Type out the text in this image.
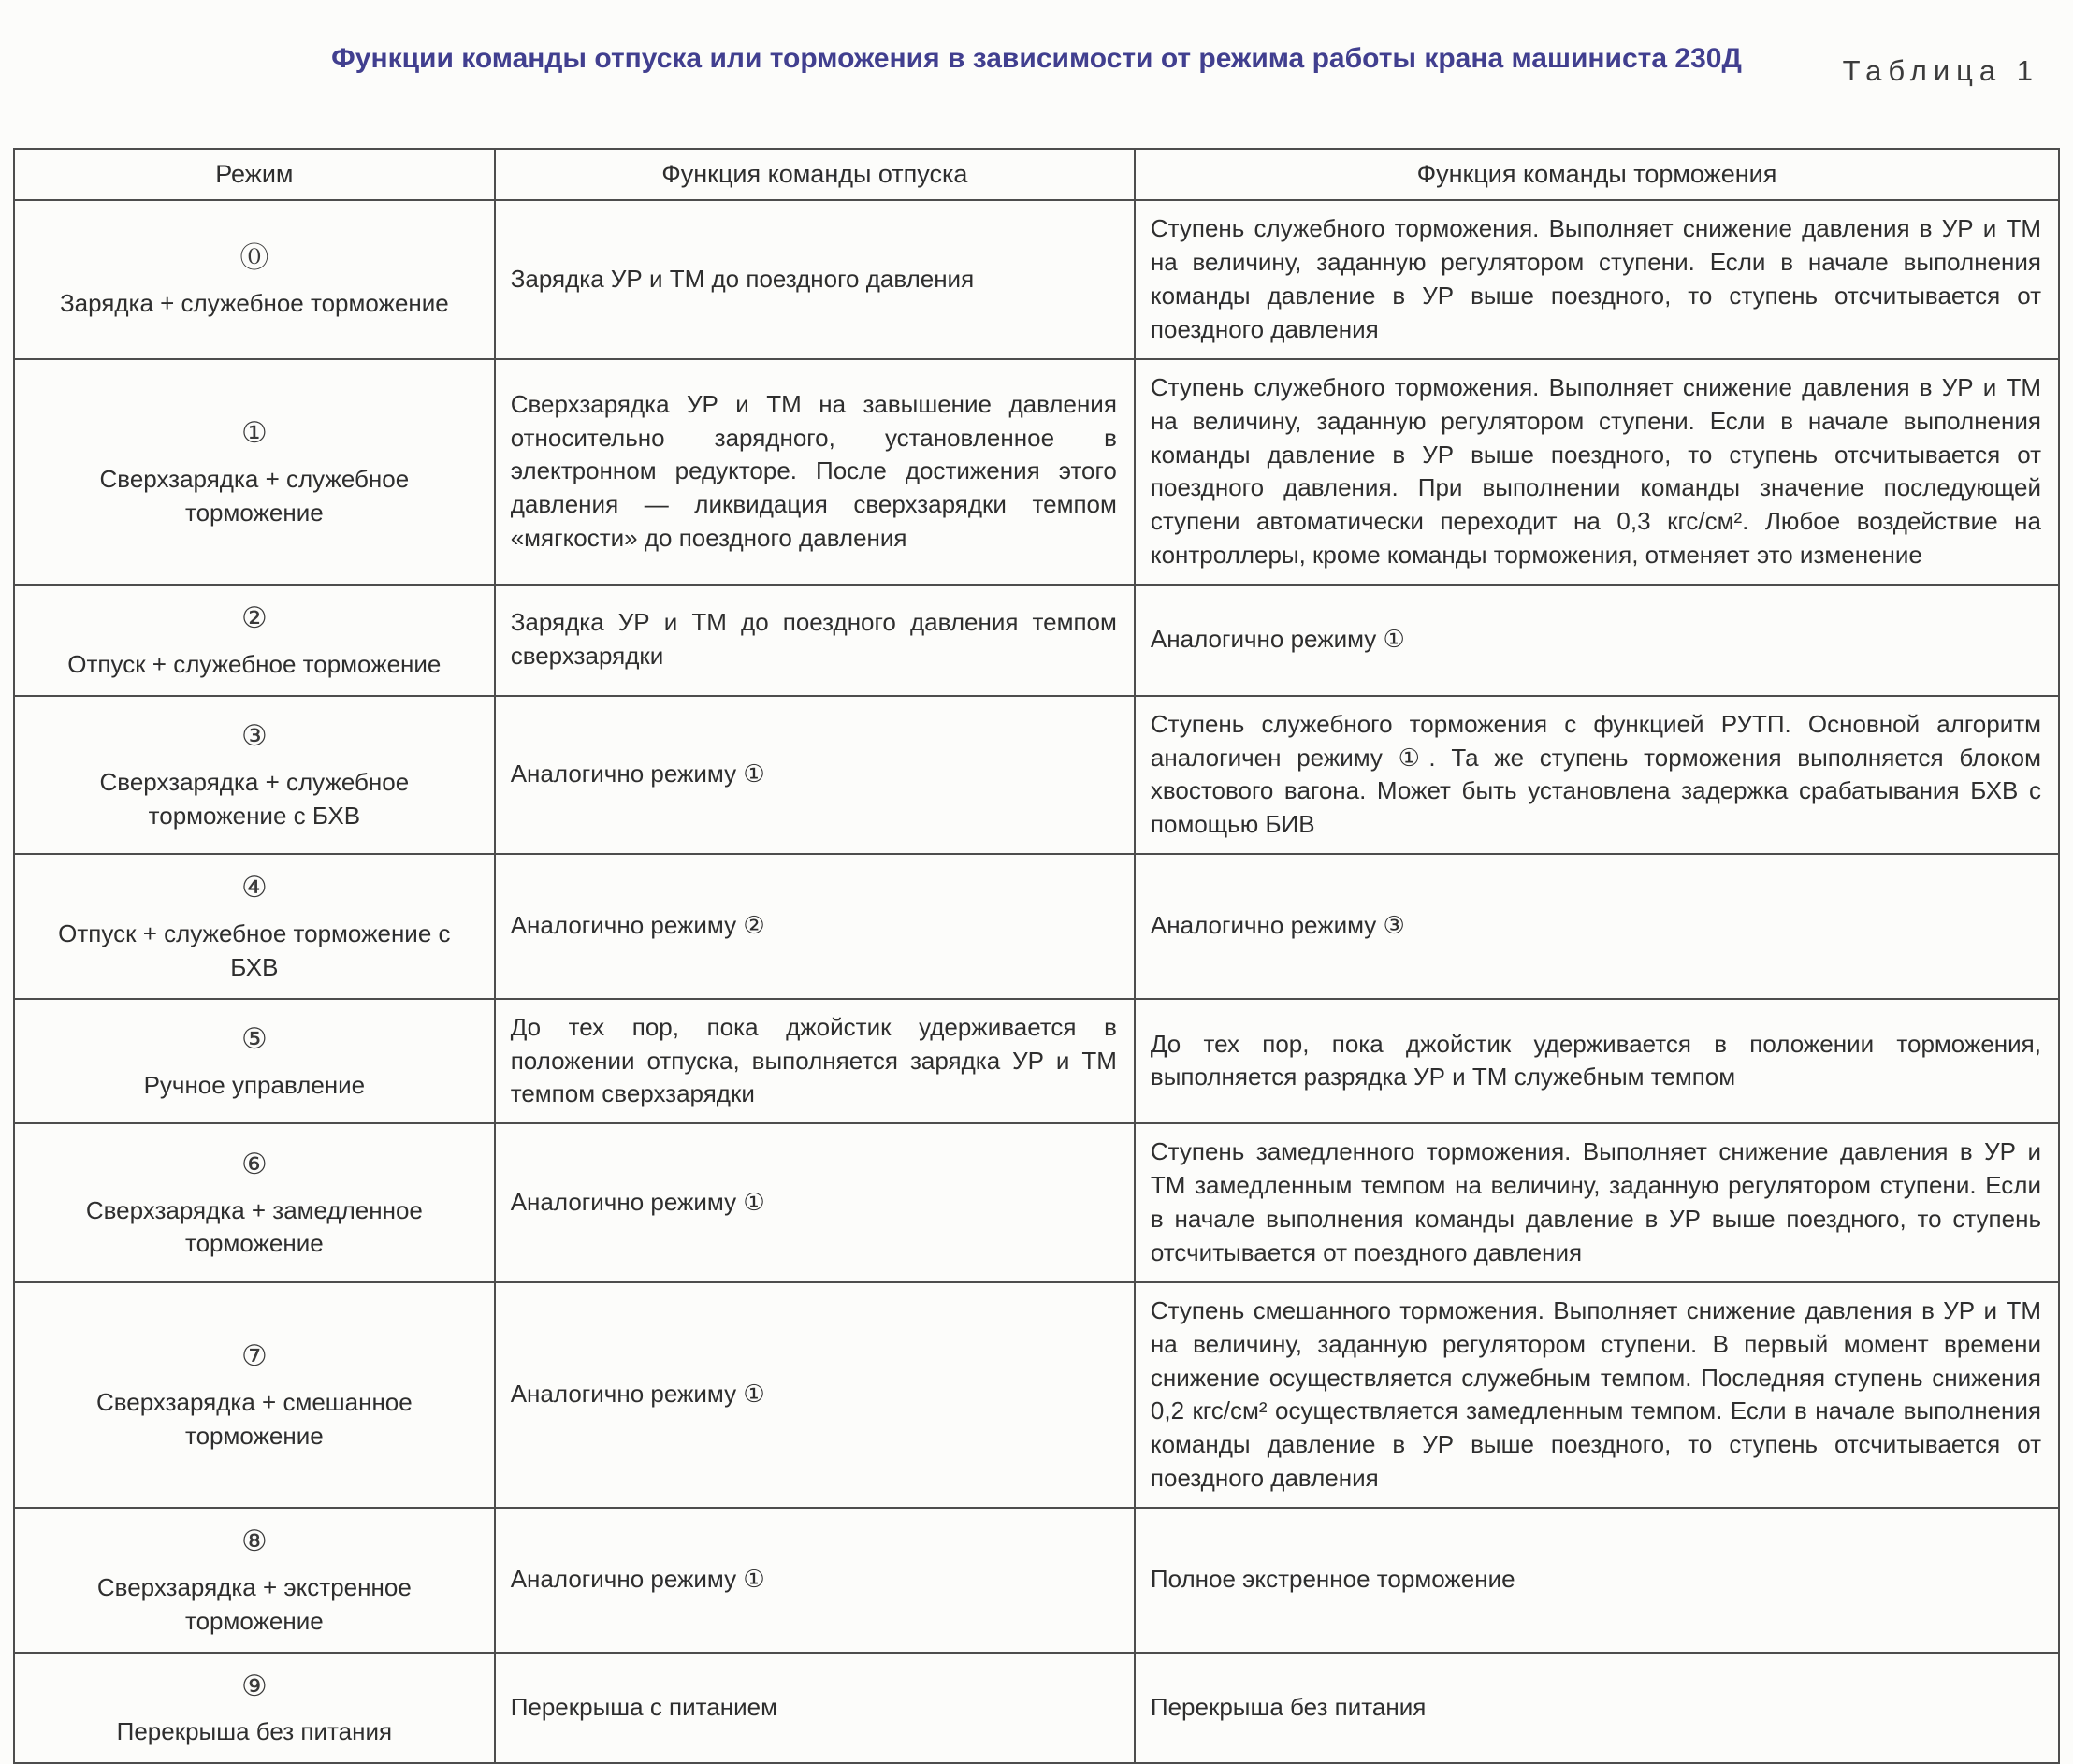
Таблица 1
Функции команды отпуска или торможения в зависимости от режима работы крана машиниста 230Д
Режим	Функция команды отпуска	Функция команды торможения

⓪
Зарядка + служебное торможение	Зарядка УР и ТМ до поездного давления	Ступень служебного торможения. Выполняет снижение давления в УР и ТМ на величину, заданную регулятором ступени. Если в начале выполнения команды давление в УР выше поездного, то ступень отсчитывается от поездного давления

①
Сверхзарядка + служебное торможение	Сверхзарядка УР и ТМ на завышение давления относительно зарядного, установленное в электронном редукторе. После достижения этого давления — ликвидация сверхзарядки темпом «мягкости» до поездного давления	Ступень служебного торможения. Выполняет снижение давления в УР и ТМ на величину, заданную регулятором ступени. Если в начале выполнения команды давление в УР выше поездного, то ступень отсчитывается от поездного давления. При выполнении команды значение последующей ступени автоматически переходит на 0,3 кгс/см². Любое воздействие на контроллеры, кроме команды торможения, отменяет это изменение

②
Отпуск + служебное торможение	Зарядка УР и ТМ до поездного давления темпом сверхзарядки	Аналогично режиму ①

③
Сверхзарядка + служебное торможение с БХВ	Аналогично режиму ①	Ступень служебного торможения с функцией РУТП. Основной алгоритм аналогичен режиму ①. Та же ступень торможения выполняется блоком хвостового вагона. Может быть установлена задержка срабатывания БХВ с помощью БИВ

④
Отпуск + служебное торможение с БХВ	Аналогично режиму ②	Аналогично режиму ③

⑤
Ручное управление	До тех пор, пока джойстик удерживается в положении отпуска, выполняется зарядка УР и ТМ темпом сверхзарядки	До тех пор, пока джойстик удерживается в положении торможения, выполняется разрядка УР и ТМ служебным темпом

⑥
Сверхзарядка + замедленное торможение	Аналогично режиму ①	Ступень замедленного торможения. Выполняет снижение давления в УР и ТМ замедленным темпом на величину, заданную регулятором ступени. Если в начале выполнения команды давление в УР выше поездного, то ступень отсчитывается от поездного давления

⑦
Сверхзарядка + смешанное торможение	Аналогично режиму ①	Ступень смешанного торможения. Выполняет снижение давления в УР и ТМ на величину, заданную регулятором ступени. В первый момент времени снижение осуществляется служебным темпом. Последняя ступень снижения 0,2 кгс/см² осуществляется замедленным темпом. Если в начале выполнения команды давление в УР выше поездного, то ступень отсчитывается от поездного давления

⑧
Сверхзарядка + экстренное торможение	Аналогично режиму ①	Полное экстренное торможение

⑨
Перекрыша без питания	Перекрыша с питанием	Перекрыша без питания
